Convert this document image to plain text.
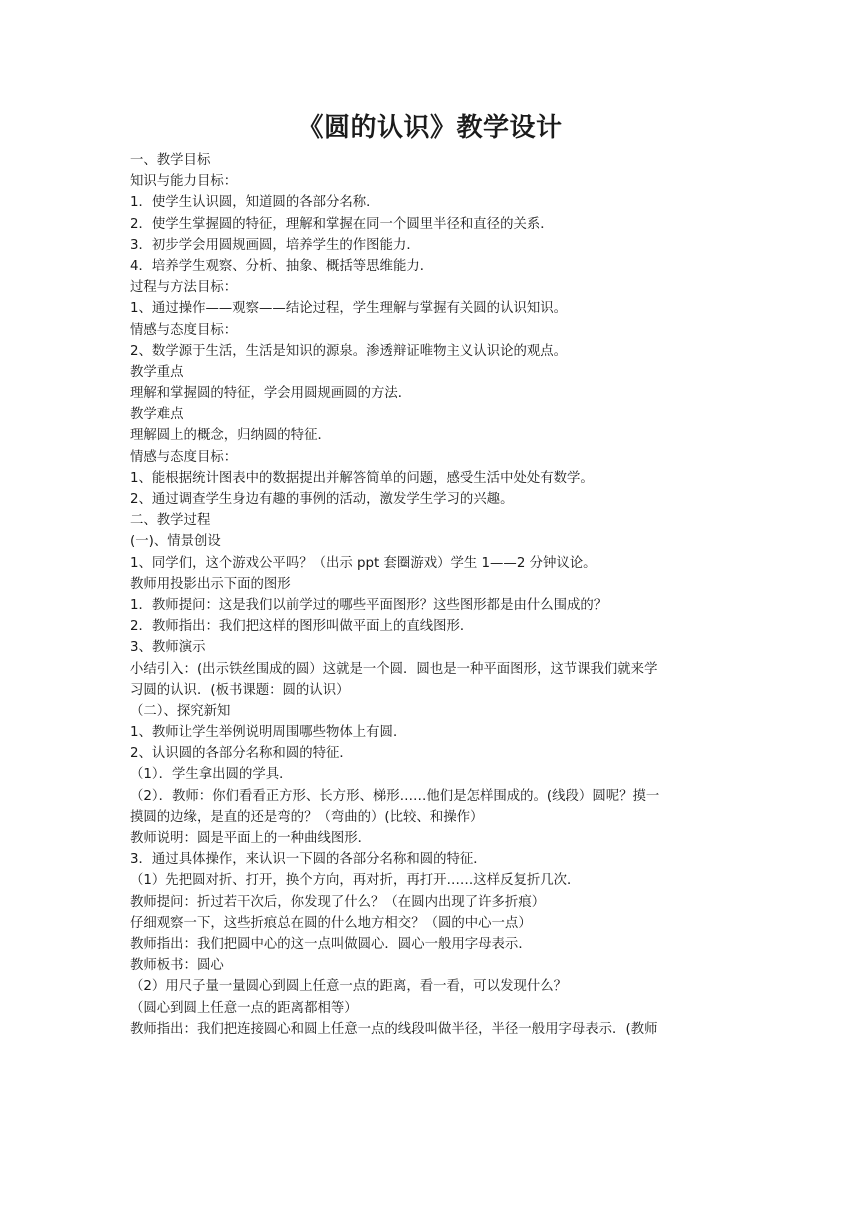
《圆的认识》教学设计
一、教学目标
知识与能力目标：
1．使学生认识圆，知道圆的各部分名称．
2．使学生掌握圆的特征，理解和掌握在同一个圆里半径和直径的关系．
3．初步学会用圆规画圆，培养学生的作图能力．
4．培养学生观察、分析、抽象、概括等思维能力．
过程与方法目标：
1、通过操作——观察——结论过程，学生理解与掌握有关圆的认识知识。
情感与态度目标：
2、数学源于生活，生活是知识的源泉。渗透辩证唯物主义认识论的观点。
教学重点
理解和掌握圆的特征，学会用圆规画圆的方法．
教学难点
理解圆上的概念，归纳圆的特征．
情感与态度目标：
1、能根据统计图表中的数据提出并解答简单的问题，感受生活中处处有数学。
2、通过调查学生身边有趣的事例的活动，激发学生学习的兴趣。
二、教学过程
(一)、情景创设
1、同学们，这个游戏公平吗？（出示 ppt 套圈游戏）学生 1——2 分钟议论。
教师用投影出示下面的图形
1．教师提问：这是我们以前学过的哪些平面图形？这些图形都是由什么围成的？
2．教师指出：我们把这样的图形叫做平面上的直线图形．
3、教师演示
小结引入：(出示铁丝围成的圆）这就是一个圆．圆也是一种平面图形，这节课我们就来学
习圆的认识．(板书课题：圆的认识）
（二）、探究新知
1、教师让学生举例说明周围哪些物体上有圆．
2、认识圆的各部分名称和圆的特征．
（1）．学生拿出圆的学具．
（2）．教师：你们看看正方形、长方形、梯形……他们是怎样围成的。(线段）圆呢？摸一
摸圆的边缘，是直的还是弯的？（弯曲的）(比较、和操作）
教师说明：圆是平面上的一种曲线图形．
3．通过具体操作，来认识一下圆的各部分名称和圆的特征．
（1）先把圆对折、打开，换个方向，再对折，再打开……这样反复折几次．
教师提问：折过若干次后，你发现了什么？（在圆内出现了许多折痕）
仔细观察一下，这些折痕总在圆的什么地方相交？（圆的中心一点）
教师指出：我们把圆中心的这一点叫做圆心．圆心一般用字母表示．
教师板书：圆心
（2）用尺子量一量圆心到圆上任意一点的距离，看一看，可以发现什么？
（圆心到圆上任意一点的距离都相等）
教师指出：我们把连接圆心和圆上任意一点的线段叫做半径，半径一般用字母表示．(教师
